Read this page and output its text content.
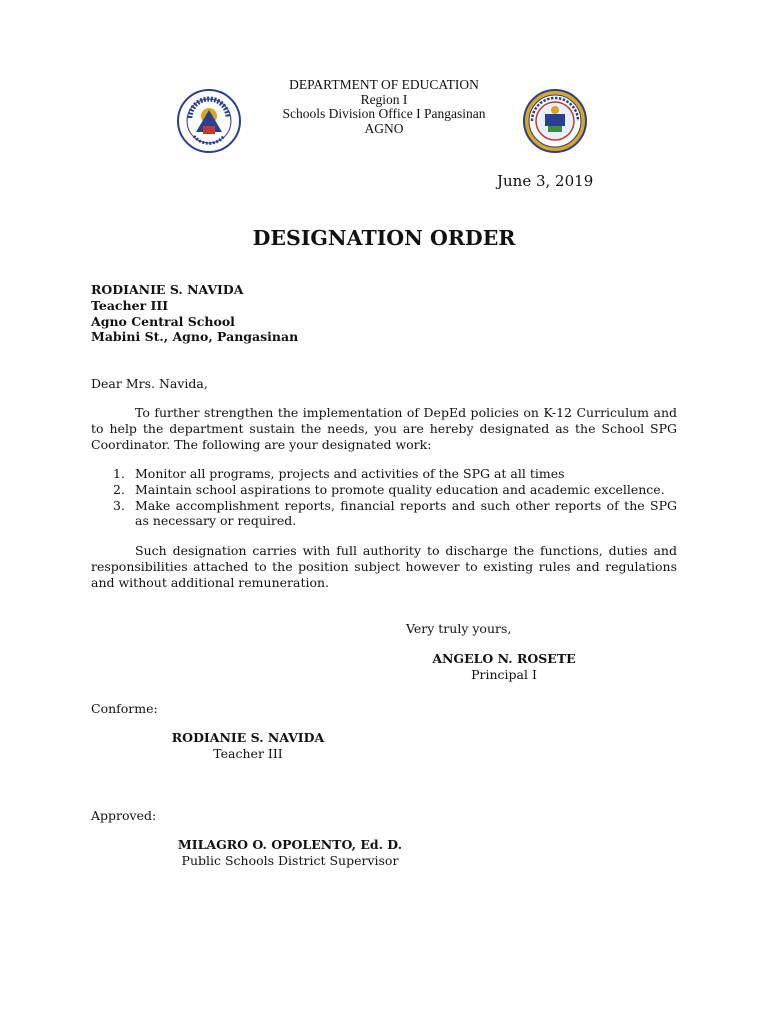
DEPARTMENT OF EDUCATION
Region I
Schools Division Office I Pangasinan
AGNO
June 3, 2019
DESIGNATION ORDER
RODIANIE S. NAVIDA
Teacher III
Agno Central School
Mabini St., Agno, Pangasinan
Dear Mrs. Navida,
To further strengthen the implementation of DepEd policies on K-12 Curriculum and to help the department sustain the needs, you are hereby designated as the School SPG Coordinator. The following are your designated work:
1. Monitor all programs, projects and activities of the SPG at all times
2. Maintain school aspirations to promote quality education and academic excellence.
3. Make accomplishment reports, financial reports and such other reports of the SPG as necessary or required.
Such designation carries with full authority to discharge the functions, duties and responsibilities attached to the position subject however to existing rules and regulations and without additional remuneration.
Very truly yours,
ANGELO N. ROSETE
Principal I
Conforme:
RODIANIE S. NAVIDA
Teacher III
Approved:
MILAGRO O. OPOLENTO, Ed. D.
Public Schools District Supervisor
